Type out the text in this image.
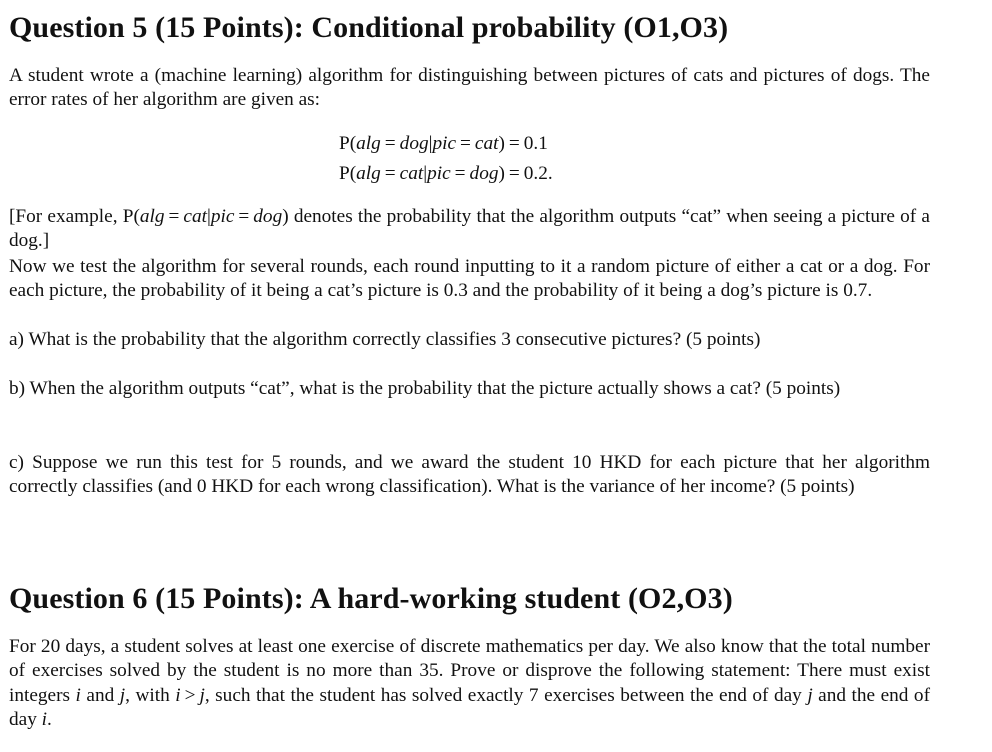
Question 5 (15 Points): Conditional probability (O1,O3)

A student wrote a (machine learning) algorithm for distinguishing between pictures of cats and pictures of dogs. The error rates of her algorithm are given as:

P(alg = dog|pic = cat) = 0.1
P(alg = cat|pic = dog) = 0.2.

[For example, P(alg = cat|pic = dog) denotes the probability that the algorithm outputs “cat” when seeing a picture of a dog.]

Now we test the algorithm for several rounds, each round inputting to it a random picture of either a cat or a dog. For each picture, the probability of it being a cat’s picture is 0.3 and the probability of it being a dog’s picture is 0.7.

a) What is the probability that the algorithm correctly classifies 3 consecutive pictures? (5 points)

b) When the algorithm outputs “cat”, what is the probability that the picture actually shows a cat? (5 points)

c) Suppose we run this test for 5 rounds, and we award the student 10 HKD for each picture that her algorithm correctly classifies (and 0 HKD for each wrong classification). What is the variance of her income? (5 points)

Question 6 (15 Points): A hard-working student (O2,O3)

For 20 days, a student solves at least one exercise of discrete mathematics per day. We also know that the total number of exercises solved by the student is no more than 35. Prove or disprove the following statement: There must exist integers i and j, with i > j, such that the student has solved exactly 7 exercises between the end of day j and the end of day i.
